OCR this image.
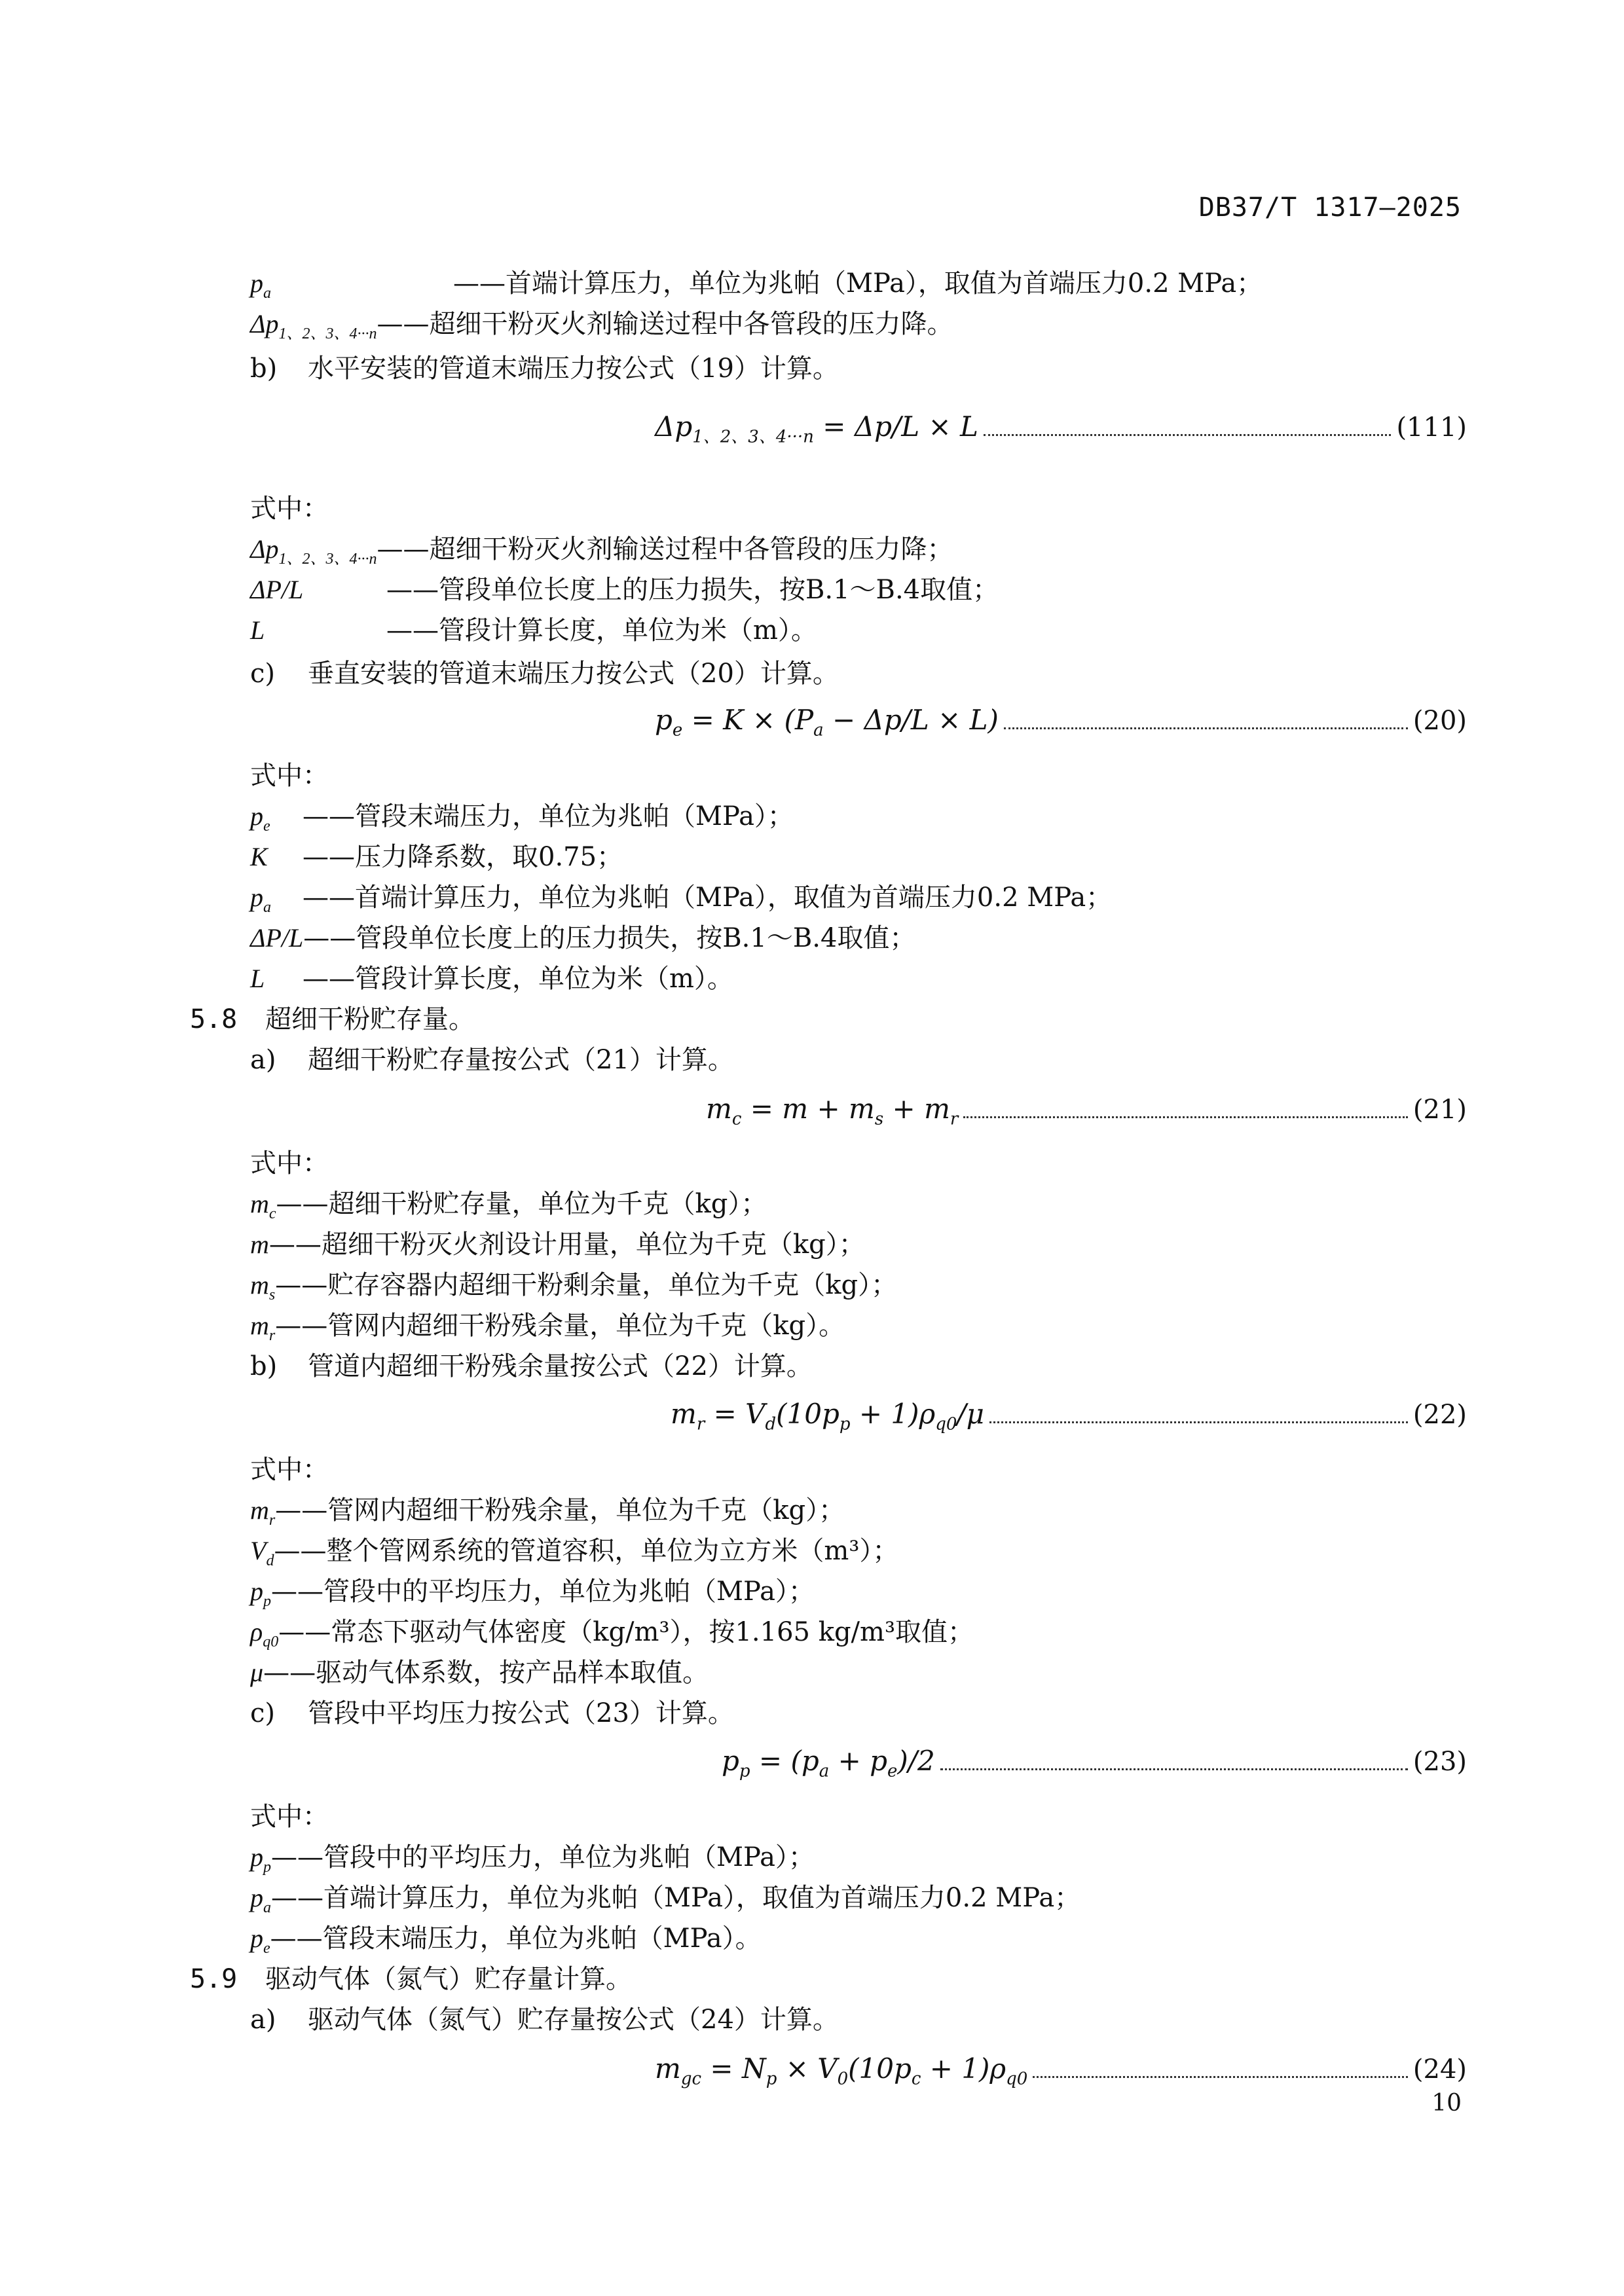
DB37/T 1317—2025
$p_a$	——首端计算压力，单位为兆帕（MPa），取值为首端压力0.2 MPa；
$\Delta p_{1、2、3、4\cdot\cdot\cdot n}——$超细干粉灭火剂输送过程中各管段的压力降。
b) 水平安装的管道末端压力按公式（19）计算。
$\Delta p_{1、2、3、4\cdot\cdot\cdot n} = \Delta p/L \times L$	(111)
式中：
$\Delta p_{1、2、3、4\cdot\cdot\cdot n}——$超细干粉灭火剂输送过程中各管段的压力降；
ΔP/L	——管段单位长度上的压力损失，按B.1～B.4取值；
L	——管段计算长度，单位为米（m）。
c) 垂直安装的管道末端压力按公式（20）计算。
$p_e = K \times (P_a - \Delta p/L \times L)$	(20)
式中：
$p_e$ ——管段末端压力，单位为兆帕（MPa）；
K ——压力降系数，取0.75；
$p_a$ ——首端计算压力，单位为兆帕（MPa），取值为首端压力0.2 MPa；
ΔP/L——管段单位长度上的压力损失，按B.1～B.4取值；
L ——管段计算长度，单位为米（m）。
5.8 超细干粉贮存量。
a) 超细干粉贮存量按公式（21）计算。
$m_c = m + m_s + m_r$	(21)
式中：
$m_c——$超细干粉贮存量，单位为千克（kg）；
m——超细干粉灭火剂设计用量，单位为千克（kg）；
$m_s——$贮存容器内超细干粉剩余量，单位为千克（kg）；
$m_r——$管网内超细干粉残余量，单位为千克（kg）。
b) 管道内超细干粉残余量按公式（22）计算。
$m_r = V_d(10p_p + 1)\rho_{q0}/\mu$	(22)
式中：
$m_r——$管网内超细干粉残余量，单位为千克（kg）；
$V_d——$整个管网系统的管道容积，单位为立方米（m³）；
$p_p——$管段中的平均压力，单位为兆帕（MPa）；
$\rho_{q0}——$常态下驱动气体密度（kg/m³），按1.165 kg/m³取值；
μ——驱动气体系数，按产品样本取值。
c) 管段中平均压力按公式（23）计算。
$p_p = (p_a + p_e)/2$	(23)
式中：
$p_p——$管段中的平均压力，单位为兆帕（MPa）；
$p_a——$首端计算压力，单位为兆帕（MPa），取值为首端压力0.2 MPa；
$p_e——$管段末端压力，单位为兆帕（MPa）。
5.9 驱动气体（氮气）贮存量计算。
a) 驱动气体（氮气）贮存量按公式（24）计算。
$m_{gc} = N_p \times V_0(10p_c + 1)\rho_{q0}$	(24)
10
